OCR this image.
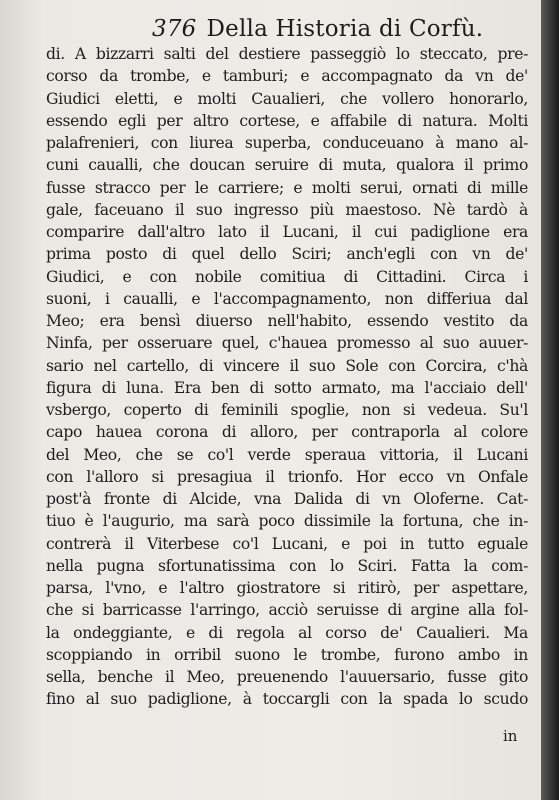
376 Della Historia di Corfù.
di. A bizzarri salti del destiere passeggiò lo steccato, pre-
corso da trombe, e tamburi; e accompagnato da vn de'
Giudici eletti, e molti Caualieri, che vollero honorarlo,
essendo egli per altro cortese, e affabile di natura. Molti
palafrenieri, con liurea superba, conduceuano à mano al-
cuni caualli, che doucan seruire di muta, qualora il primo
fusse stracco per le carriere; e molti serui, ornati di mille
gale, faceuano il suo ingresso più maestoso. Nè tardò à
comparire dall'altro lato il Lucani, il cui padiglione era
prima posto di quel dello Sciri; anch'egli con vn de'
Giudici, e con nobile comitiua di Cittadini. Circa i
suoni, i caualli, e l'accompagnamento, non differiua dal
Meo; era bensì diuerso nell'habito, essendo vestito da
Ninfa, per osseruare quel, c'hauea promesso al suo auuer-
sario nel cartello, di vincere il suo Sole con Corcira, c'hà
figura di luna. Era ben di sotto armato, ma l'acciaio dell'
vsbergo, coperto di feminili spoglie, non si vedeua. Su'l
capo hauea corona di alloro, per contraporla al colore
del Meo, che se co'l verde speraua vittoria, il Lucani
con l'alloro si presagiua il trionfo. Hor ecco vn Onfale
post'à fronte di Alcide, vna Dalida di vn Oloferne. Cat-
tiuo è l'augurio, ma sarà poco dissimile la fortuna, che in-
contrerà il Viterbese co'l Lucani, e poi in tutto eguale
nella pugna sfortunatissima con lo Sciri. Fatta la com-
parsa, l'vno, e l'altro giostratore si ritirò, per aspettare,
che si barricasse l'arringo, acciò seruisse di argine alla fol-
la ondeggiante, e di regola al corso de' Caualieri. Ma
scoppiando in orribil suono le trombe, furono ambo in
sella, benche il Meo, preuenendo l'auuersario, fusse gito
fino al suo padiglione, à toccargli con la spada lo scudo
in
